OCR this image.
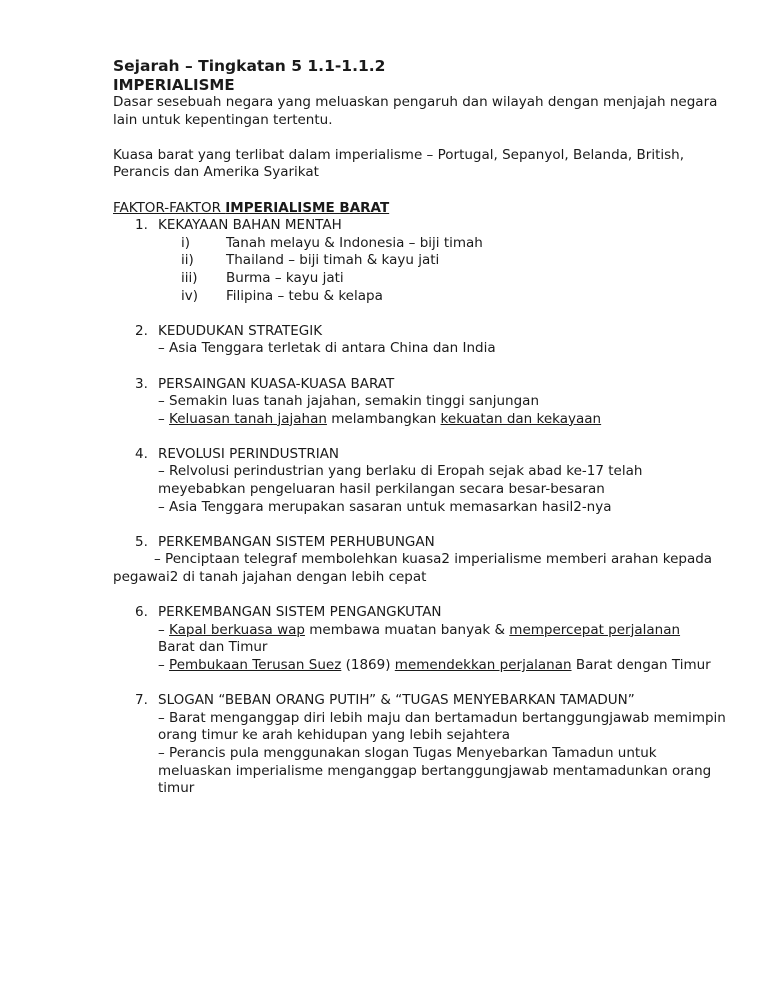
Sejarah – Tingkatan 5 1.1-1.1.2
IMPERIALISME
Dasar sesebuah negara yang meluaskan pengaruh dan wilayah dengan menjajah negara lain untuk kepentingan tertentu.
Kuasa barat yang terlibat dalam imperialisme – Portugal, Sepanyol, Belanda, British, Perancis dan Amerika Syarikat
FAKTOR-FAKTOR IMPERIALISME BARAT
1. KEKAYAAN BAHAN MENTAH
i)	Tanah melayu & Indonesia – biji timah
ii) Thailand – biji timah & kayu jati
iii) Burma – kayu jati
iv) Filipina – tebu & kelapa
2. KEDUDUKAN STRATEGIK
– Asia Tenggara terletak di antara China dan India
3. PERSAINGAN KUASA-KUASA BARAT
– Semakin luas tanah jajahan, semakin tinggi sanjungan
– Keluasan tanah jajahan melambangkan kekuatan dan kekayaan
4. REVOLUSI PERINDUSTRIAN
– Relvolusi perindustrian yang berlaku di Eropah sejak abad ke-17 telah meyebabkan pengeluaran hasil perkilangan secara besar-besaran
– Asia Tenggara merupakan sasaran untuk memasarkan hasil2-nya
5. PERKEMBANGAN SISTEM PERHUBUNGAN
– Penciptaan telegraf membolehkan kuasa2 imperialisme memberi arahan kepada pegawai2 di tanah jajahan dengan lebih cepat
6. PERKEMBANGAN SISTEM PENGANGKUTAN
– Kapal berkuasa wap membawa muatan banyak & mempercepat perjalanan
Barat dan Timur
– Pembukaan Terusan Suez (1869) memendekkan perjalanan Barat dengan Timur
7. SLOGAN “BEBAN ORANG PUTIH” & “TUGAS MENYEBARKAN TAMADUN”
– Barat menganggap diri lebih maju dan bertamadun bertanggungjawab memimpin orang timur ke arah kehidupan yang lebih sejahtera
– Perancis pula menggunakan slogan Tugas Menyebarkan Tamadun untuk meluaskan imperialisme menganggap bertanggungjawab mentamadunkan orang timur
